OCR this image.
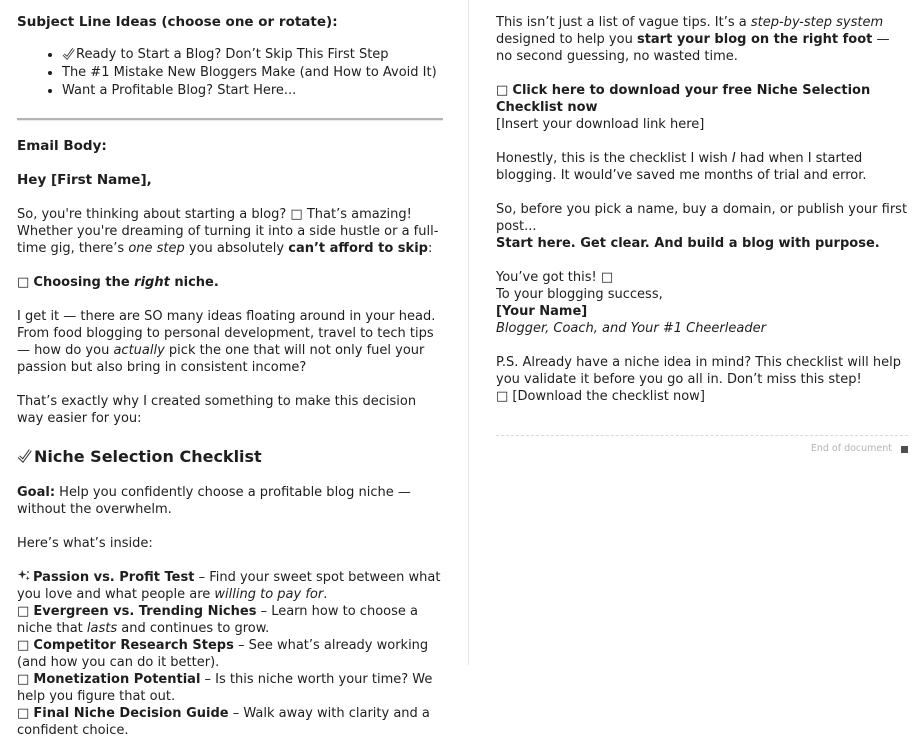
Subject Line Ideas (choose one or rotate):
• Ready to Start a Blog? Don’t Skip This First Step
• The #1 Mistake New Bloggers Make (and How to Avoid It)
• Want a Profitable Blog? Start Here...

Email Body:

Hey [First Name],

So, you're thinking about starting a blog? □ That’s amazing! Whether you're dreaming of turning it into a side hustle or a full-time gig, there’s one step you absolutely can’t afford to skip:

□ Choosing the right niche.

I get it — there are SO many ideas floating around in your head. From food blogging to personal development, travel to tech tips — how do you actually pick the one that will not only fuel your passion but also bring in consistent income?

That’s exactly why I created something to make this decision way easier for you:

Niche Selection Checklist

Goal: Help you confidently choose a profitable blog niche — without the overwhelm.

Here’s what’s inside:

Passion vs. Profit Test – Find your sweet spot between what you love and what people are willing to pay for.
□ Evergreen vs. Trending Niches – Learn how to choose a niche that lasts and continues to grow.
□ Competitor Research Steps – See what’s already working (and how you can do it better).
□ Monetization Potential – Is this niche worth your time? We help you figure that out.
□ Final Niche Decision Guide – Walk away with clarity and a confident choice.

This isn’t just a list of vague tips. It’s a step-by-step system designed to help you start your blog on the right foot — no second guessing, no wasted time.

□ Click here to download your free Niche Selection Checklist now
[Insert your download link here]

Honestly, this is the checklist I wish I had when I started blogging. It would’ve saved me months of trial and error.

So, before you pick a name, buy a domain, or publish your first post...
Start here. Get clear. And build a blog with purpose.
You’ve got this! □
To your blogging success,
[Your Name]
Blogger, Coach, and Your #1 Cheerleader
P.S. Already have a niche idea in mind? This checklist will help you validate it before you go all in. Don’t miss this step!
□ [Download the checklist now]
End of document
